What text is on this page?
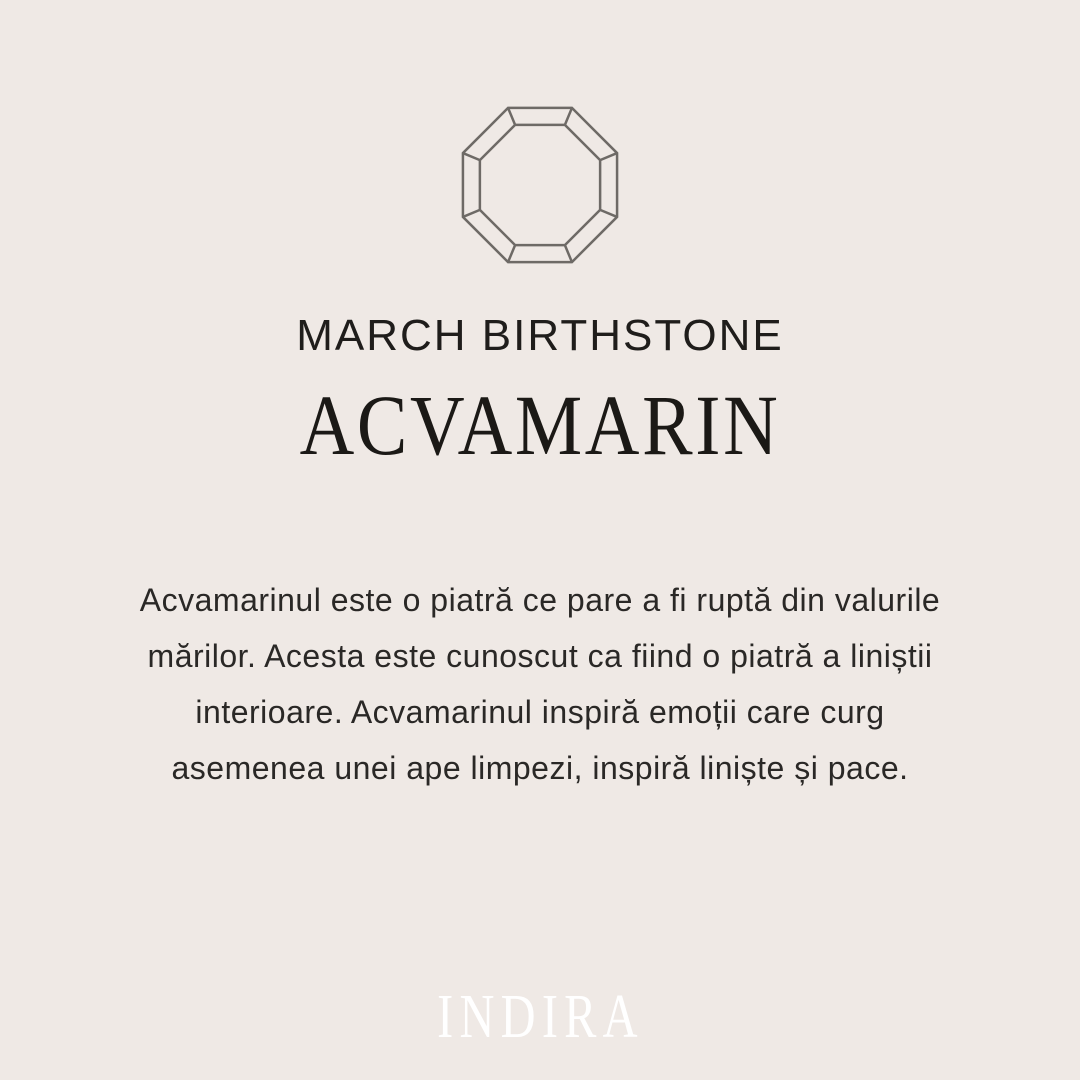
MARCH BIRTHSTONE
ACVAMARIN
Acvamarinul este o piatră ce pare a fi ruptă din valurile
mărilor. Acesta este cunoscut ca fiind o piatră a liniștii
interioare. Acvamarinul inspiră emoții care curg
asemenea unei ape limpezi, inspiră liniște și pace.
INDIRA
